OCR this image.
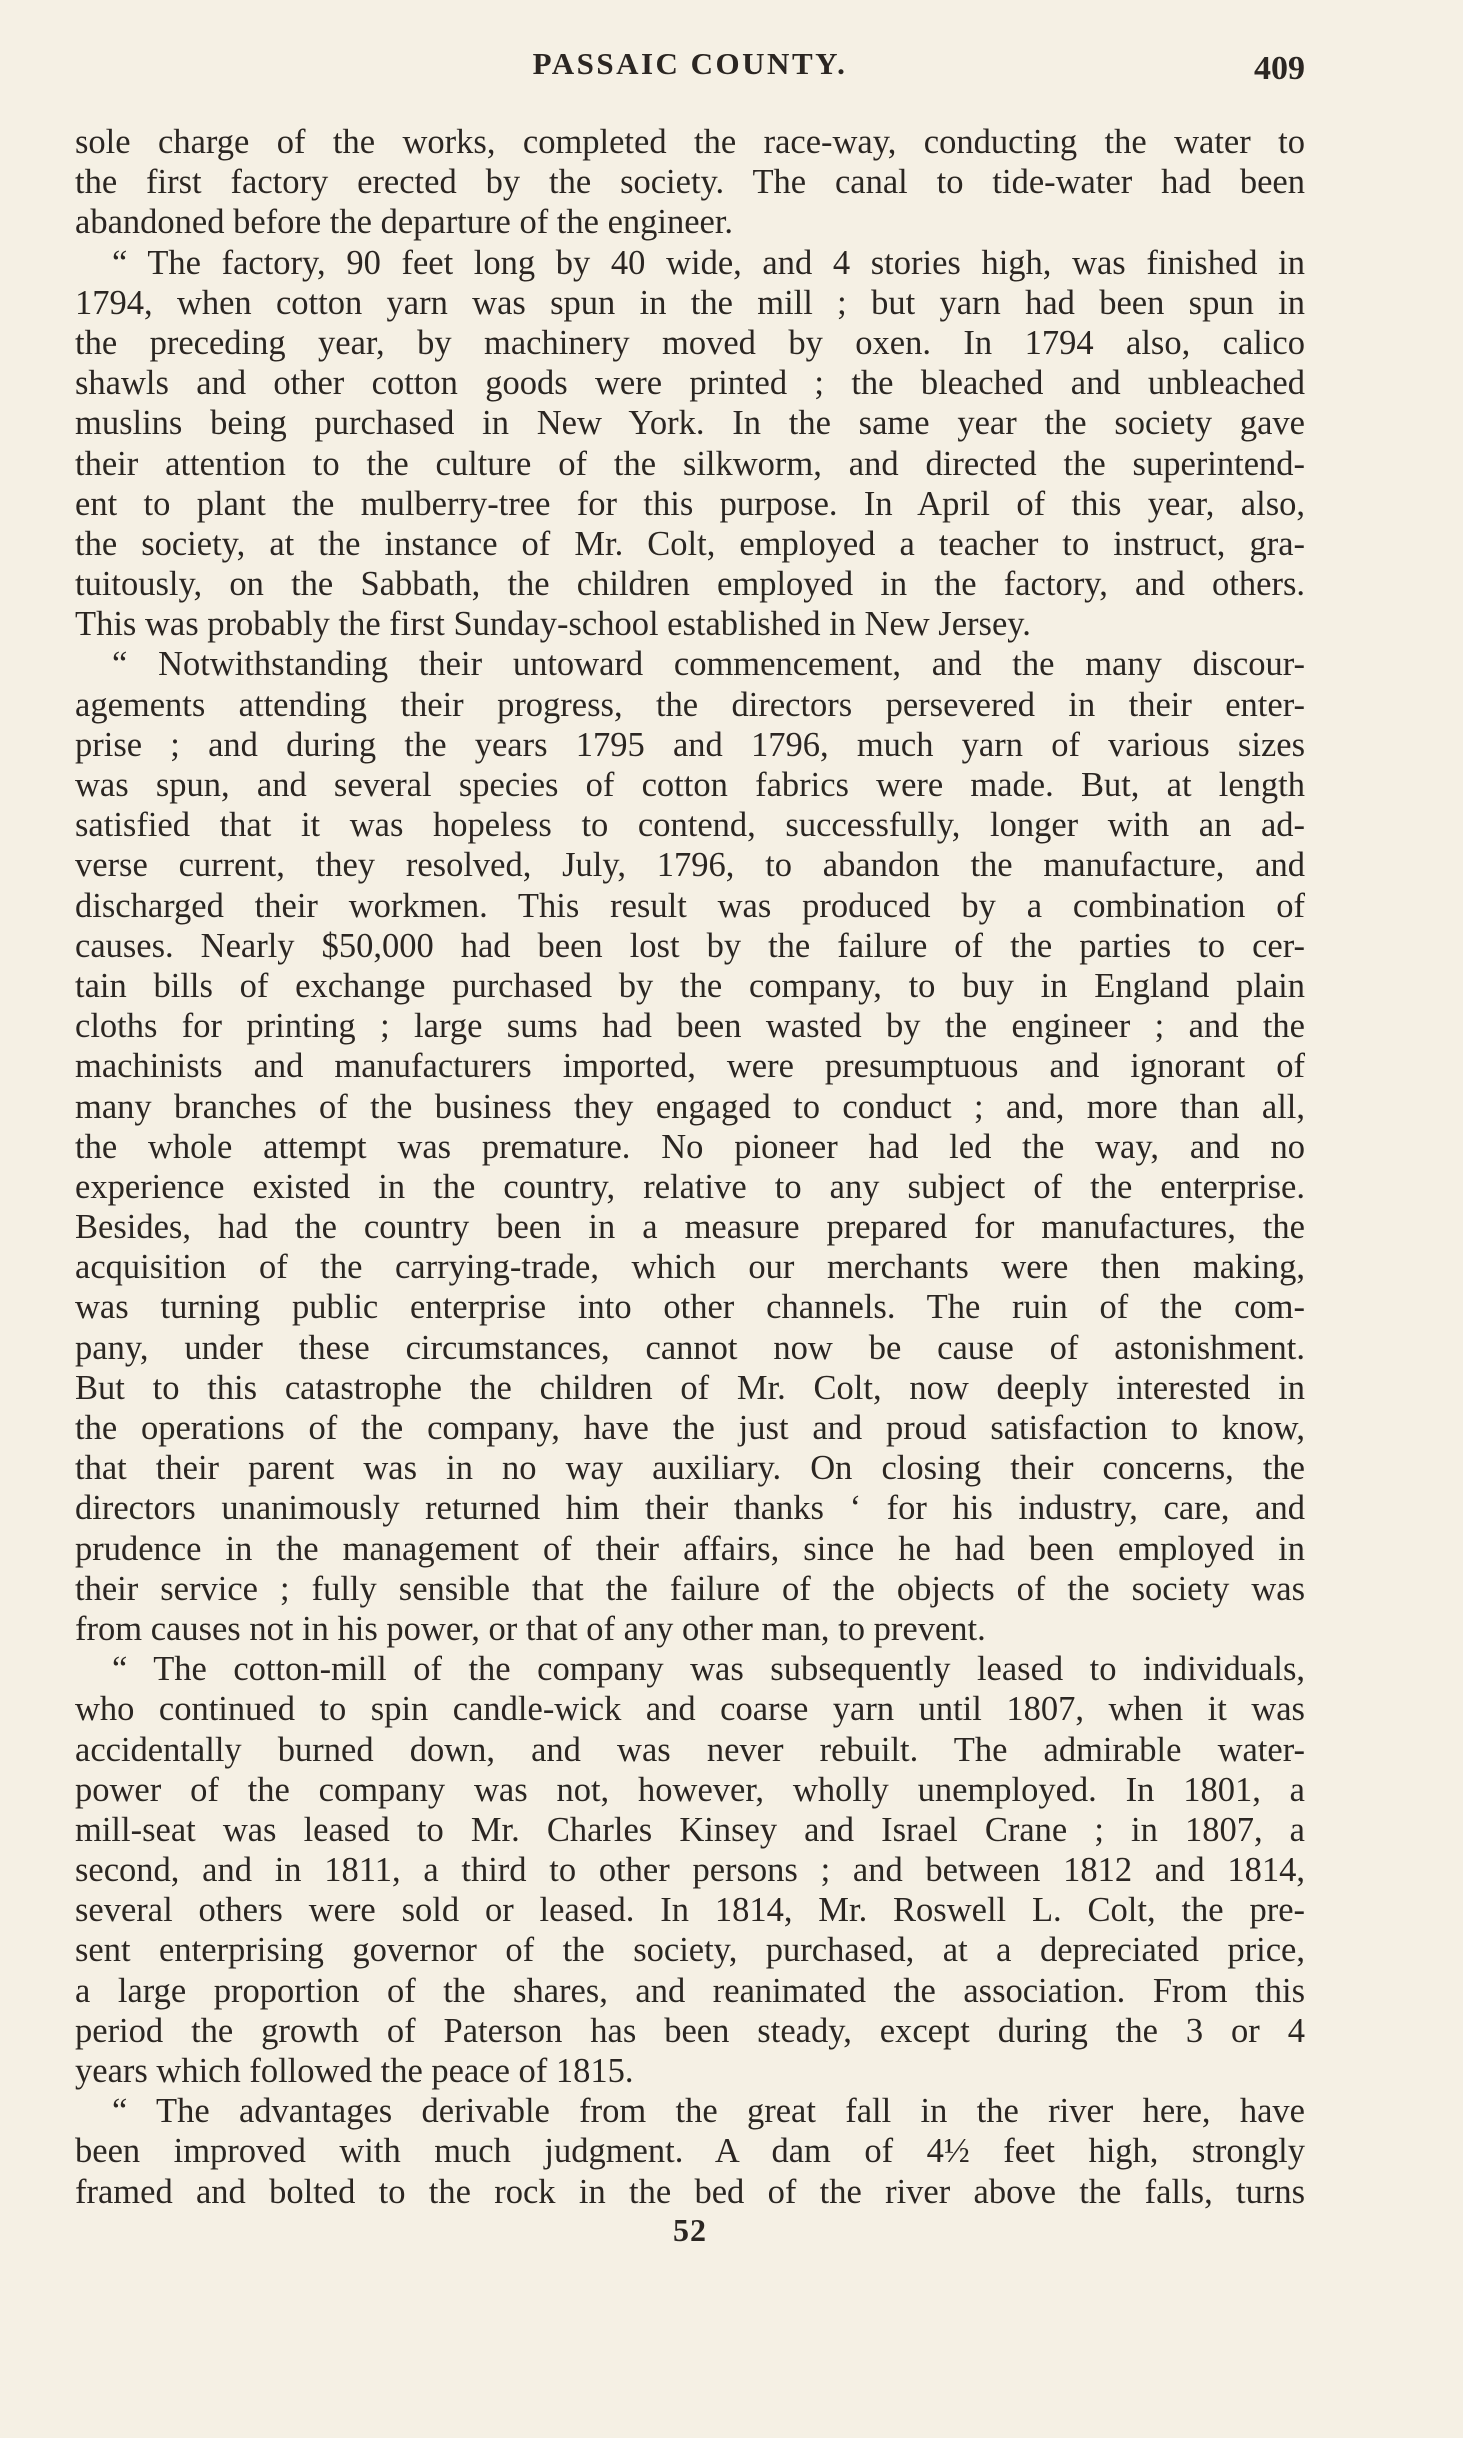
PASSAIC COUNTY.	409
sole charge of the works, completed the race-way, conducting the water to
the first factory erected by the society. The canal to tide-water had been
abandoned before the departure of the engineer.
“ The factory, 90 feet long by 40 wide, and 4 stories high, was finished in
1794, when cotton yarn was spun in the mill ; but yarn had been spun in
the preceding year, by machinery moved by oxen. In 1794 also, calico
shawls and other cotton goods were printed ; the bleached and unbleached
muslins being purchased in New York. In the same year the society gave
their attention to the culture of the silkworm, and directed the superintend-
ent to plant the mulberry-tree for this purpose. In April of this year, also,
the society, at the instance of Mr. Colt, employed a teacher to instruct, gra-
tuitously, on the Sabbath, the children employed in the factory, and others.
This was probably the first Sunday-school established in New Jersey.
“ Notwithstanding their untoward commencement, and the many discour-
agements attending their progress, the directors persevered in their enter-
prise ; and during the years 1795 and 1796, much yarn of various sizes
was spun, and several species of cotton fabrics were made. But, at length
satisfied that it was hopeless to contend, successfully, longer with an ad-
verse current, they resolved, July, 1796, to abandon the manufacture, and
discharged their workmen. This result was produced by a combination of
causes. Nearly $50,000 had been lost by the failure of the parties to cer-
tain bills of exchange purchased by the company, to buy in England plain
cloths for printing ; large sums had been wasted by the engineer ; and the
machinists and manufacturers imported, were presumptuous and ignorant of
many branches of the business they engaged to conduct ; and, more than all,
the whole attempt was premature. No pioneer had led the way, and no
experience existed in the country, relative to any subject of the enterprise.
Besides, had the country been in a measure prepared for manufactures, the
acquisition of the carrying-trade, which our merchants were then making,
was turning public enterprise into other channels. The ruin of the com-
pany, under these circumstances, cannot now be cause of astonishment.
But to this catastrophe the children of Mr. Colt, now deeply interested in
the operations of the company, have the just and proud satisfaction to know,
that their parent was in no way auxiliary. On closing their concerns, the
directors unanimously returned him their thanks ‘ for his industry, care, and
prudence in the management of their affairs, since he had been employed in
their service ; fully sensible that the failure of the objects of the society was
from causes not in his power, or that of any other man, to prevent.
“ The cotton-mill of the company was subsequently leased to individuals,
who continued to spin candle-wick and coarse yarn until 1807, when it was
accidentally burned down, and was never rebuilt. The admirable water-
power of the company was not, however, wholly unemployed. In 1801, a
mill-seat was leased to Mr. Charles Kinsey and Israel Crane ; in 1807, a
second, and in 1811, a third to other persons ; and between 1812 and 1814,
several others were sold or leased. In 1814, Mr. Roswell L. Colt, the pre-
sent enterprising governor of the society, purchased, at a depreciated price,
a large proportion of the shares, and reanimated the association. From this
period the growth of Paterson has been steady, except during the 3 or 4
years which followed the peace of 1815.
“ The advantages derivable from the great fall in the river here, have
been improved with much judgment. A dam of 4½ feet high, strongly
framed and bolted to the rock in the bed of the river above the falls, turns
52
